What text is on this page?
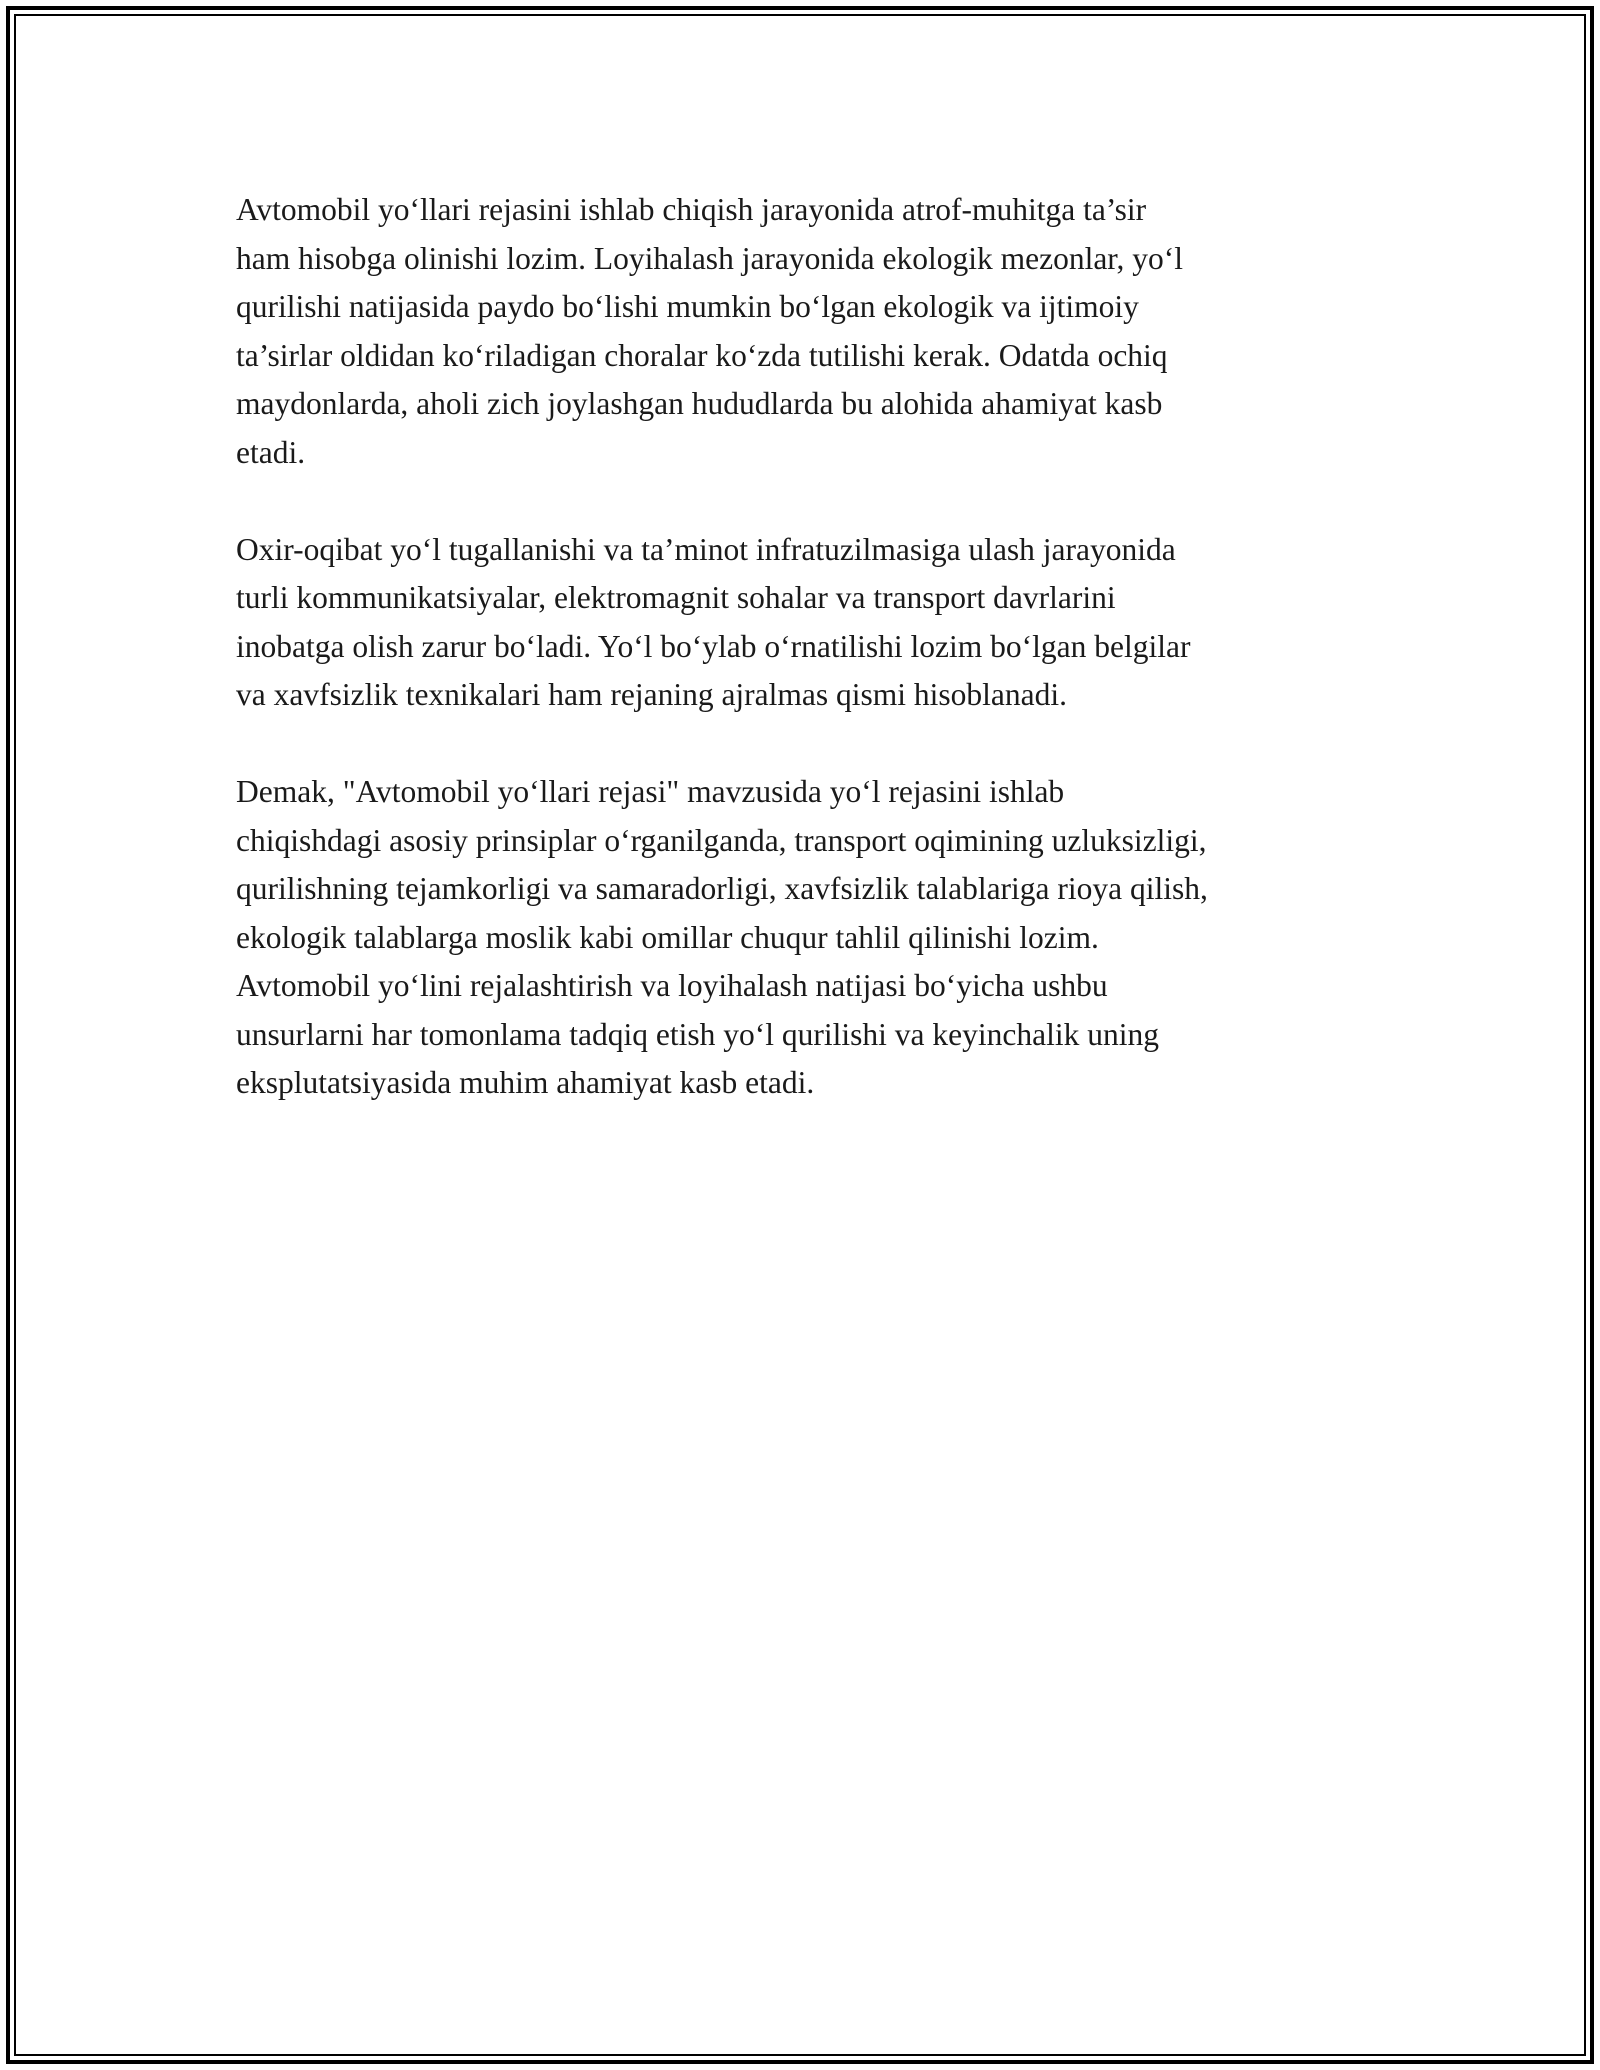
Avtomobil yo‘llari rejasini ishlab chiqish jarayonida atrof-muhitga ta’sir
ham hisobga olinishi lozim. Loyihalash jarayonida ekologik mezonlar, yo‘l
qurilishi natijasida paydo bo‘lishi mumkin bo‘lgan ekologik va ijtimoiy
ta’sirlar oldidan ko‘riladigan choralar ko‘zda tutilishi kerak. Odatda ochiq
maydonlarda, aholi zich joylashgan hududlarda bu alohida ahamiyat kasb
etadi.

Oxir-oqibat yo‘l tugallanishi va ta’minot infratuzilmasiga ulash jarayonida
turli kommunikatsiyalar, elektromagnit sohalar va transport davrlarini
inobatga olish zarur bo‘ladi. Yo‘l bo‘ylab o‘rnatilishi lozim bo‘lgan belgilar
va xavfsizlik texnikalari ham rejaning ajralmas qismi hisoblanadi.

Demak, "Avtomobil yo‘llari rejasi" mavzusida yo‘l rejasini ishlab
chiqishdagi asosiy prinsiplar o‘rganilganda, transport oqimining uzluksizligi,
qurilishning tejamkorligi va samaradorligi, xavfsizlik talablariga rioya qilish,
ekologik talablarga moslik kabi omillar chuqur tahlil qilinishi lozim.
Avtomobil yo‘lini rejalashtirish va loyihalash natijasi bo‘yicha ushbu
unsurlarni har tomonlama tadqiq etish yo‘l qurilishi va keyinchalik uning
eksplutatsiyasida muhim ahamiyat kasb etadi.
